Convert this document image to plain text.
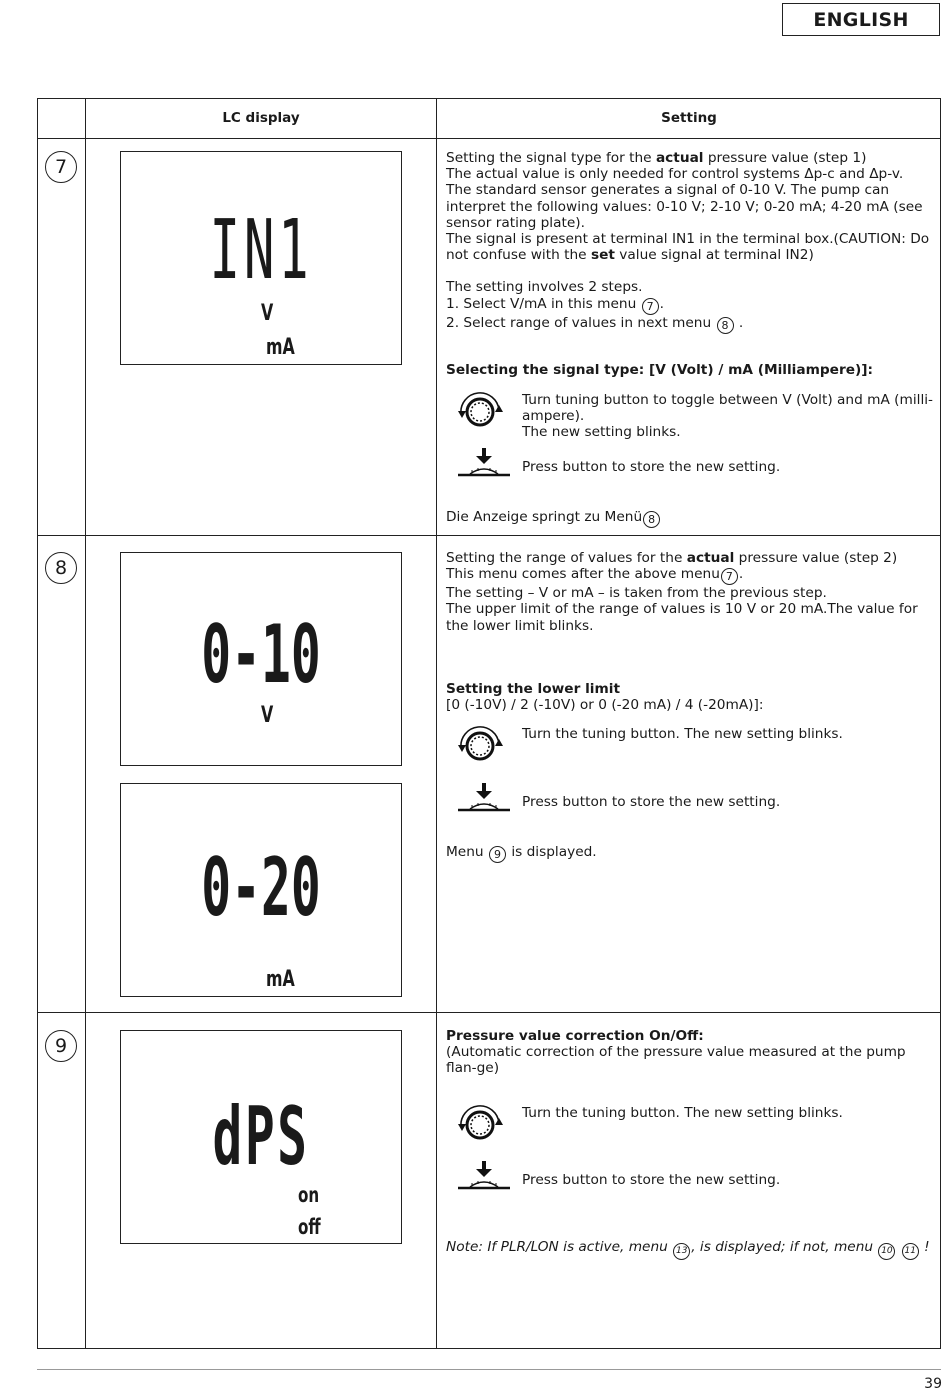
ENGLISH
LC display	Setting
7
IN1
V
mA

Setting the signal type for the actual pressure value (step 1)

The actual value is only needed for control systems Δp-c and Δp-v.

The standard sensor generates a signal of 0-10 V. The pump can interpret the following values: 0-10 V; 2-10 V; 0-20 mA; 4-20 mA (see sensor rating plate).

The signal is present at terminal IN1 in the terminal box.(CAUTION: Do not confuse with the set value signal at terminal IN2)

The setting involves 2 steps.

1. Select V/mA in this menu 7 .

2. Select range of values in next menu 8 .

Selecting the signal type: [V (Volt) / mA (Milliampere)]:
Turn tuning button to toggle between V (Volt) and mA (milli-ampere).
The new setting blinks.
Press button to store the new setting.
Die Anzeige springt zu Menü 8
8
0-10
V
0-20
mA

Setting the range of values for the actual pressure value (step 2)

This menu comes after the above menu 7 .

The setting – V or mA – is taken from the previous step.

The upper limit of the range of values is 10 V or 20 mA.The value for the lower limit blinks.

Setting the lower limit

[0 (-10V) / 2 (-10V) or 0 (-20 mA) / 4 (-20mA)]:

Turn the tuning button. The new setting blinks.
Press button to store the new setting.
Menu 9 is displayed.
9
dPS
on
off

Pressure value correction On/Off:

(Automatic correction of the pressure value measured at the pump flan-ge)

Turn the tuning button. The new setting blinks.
Press button to store the new setting.
Note: If PLR/LON is active, menu 13 , is displayed; if not, menu 10 11 !
39
